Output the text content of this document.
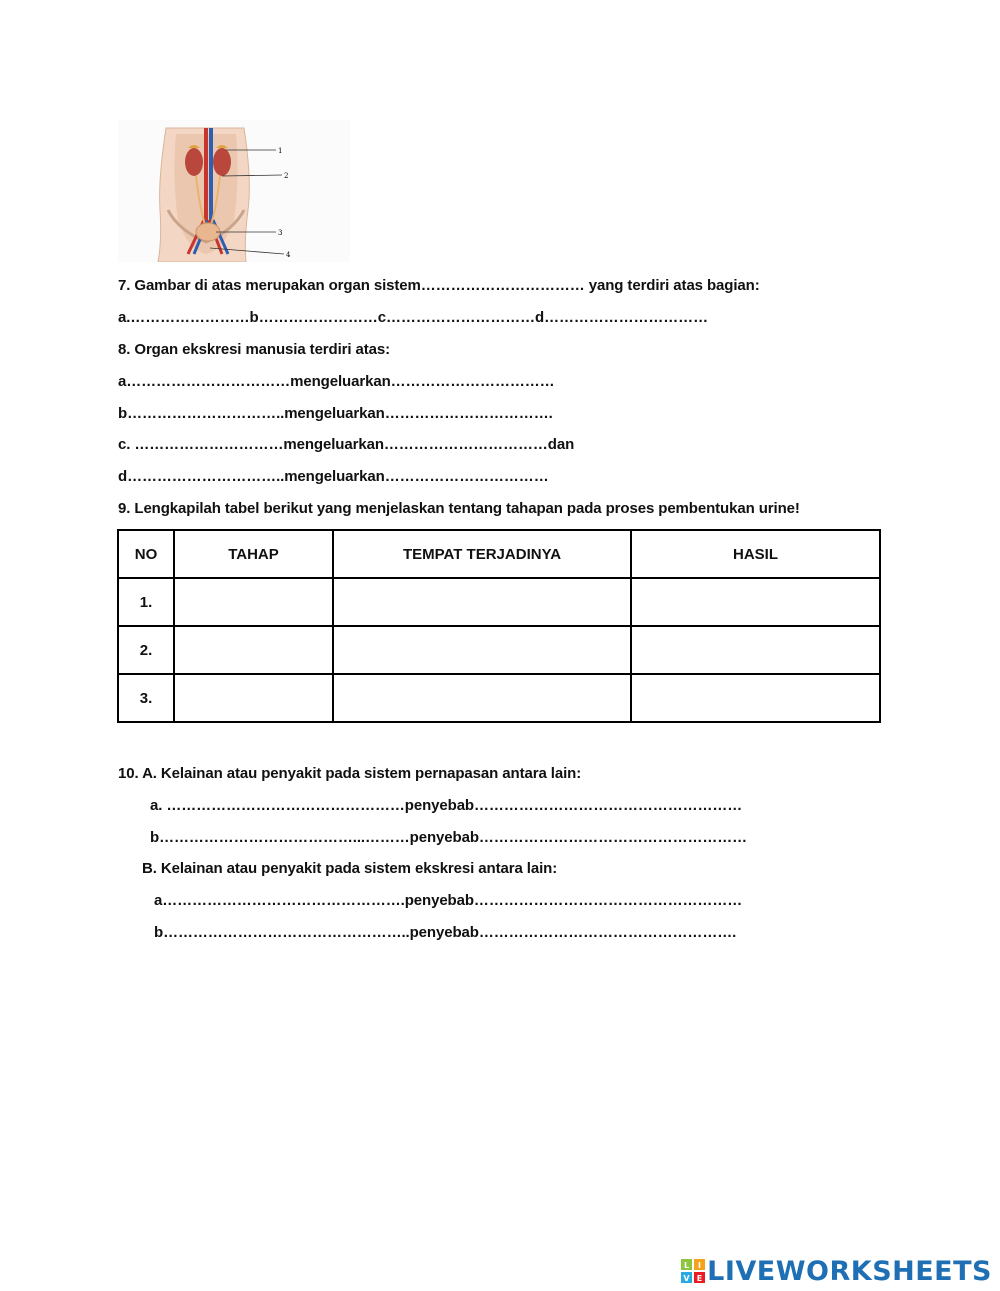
1
2
3
4
7. Gambar di atas merupakan organ sistem…………………………… yang terdiri atas bagian:
a.……………………b……………………c…………………………d……………………………
8. Organ ekskresi manusia terdiri atas:
a……………………………mengeluarkan……………………………
b…………………………..mengeluarkan…………………………….
c. …………………………mengeluarkan……………………………dan
d…………………………..mengeluarkan……………………………
9. Lengkapilah tabel berikut yang menjelaskan tentang tahapan pada proses pembentukan urine!
NO	TAHAP	TEMPAT TERJADINYA	HASIL
1.			
2.			
3.			
10. A. Kelainan atau penyakit pada sistem pernapasan antara lain:
a. …………………………………………penyebab………………………………………………
b…………………………………...………penyebab………………………………………………
B. Kelainan atau penyakit pada sistem ekskresi antara lain:
a………………………………………….penyebab………………………………………………
b…………………………………………..penyebab…………………………………………….
L I
V E LIVEWORKSHEETS
